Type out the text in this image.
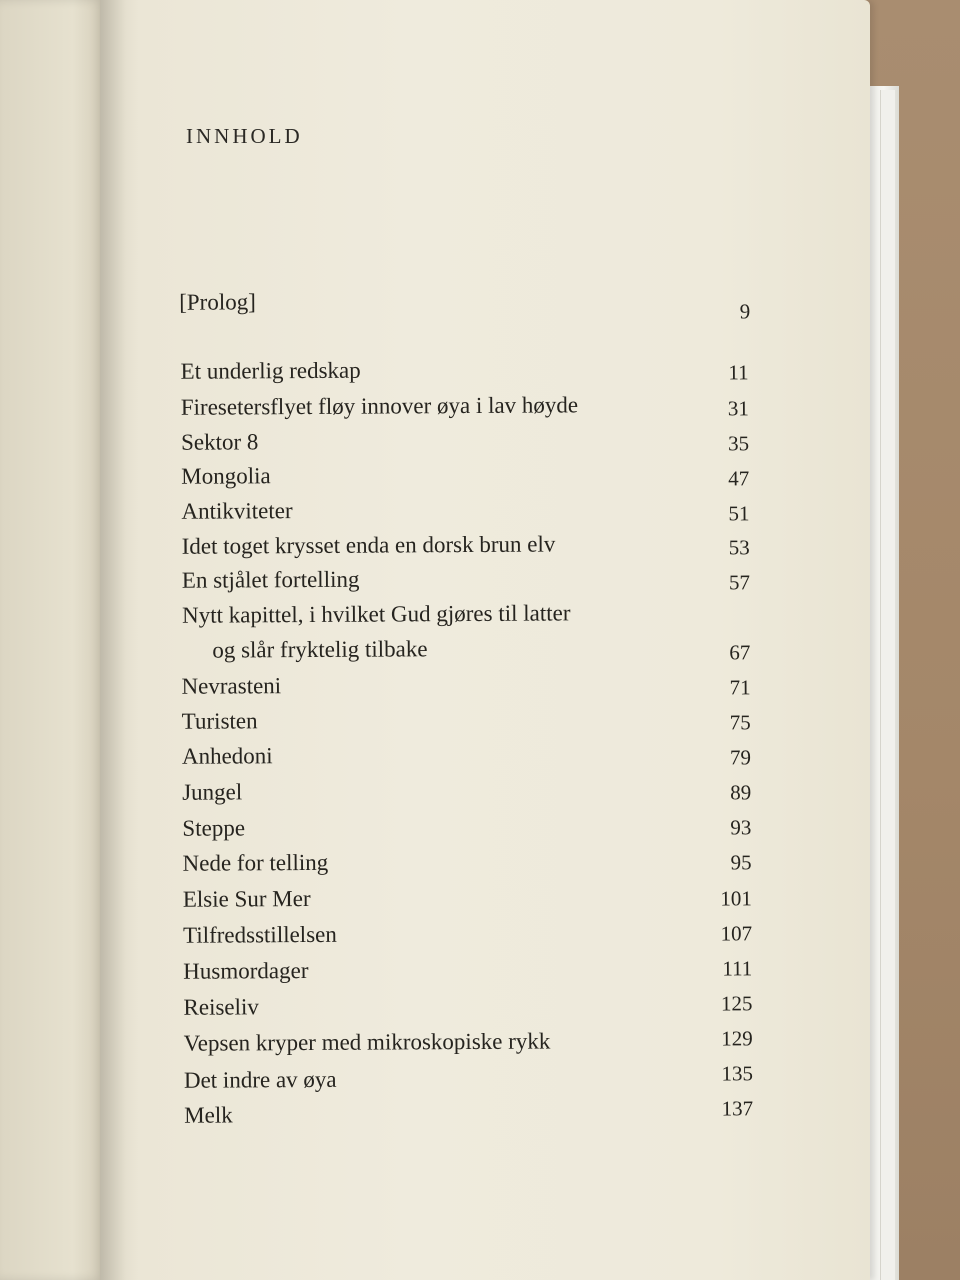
INNHOLD
[Prolog]	9
Et underlig redskap	11
Firesetersflyet fløy innover øya i lav høyde	31
Sektor 8	35
Mongolia	47
Antikviteter	51
Idet toget krysset enda en dorsk brun elv	53
En stjålet fortelling	57
Nytt kapittel, i hvilket Gud gjøres til latter
og slår fryktelig tilbake	67
Nevrasteni	71
Turisten	75
Anhedoni	79
Jungel	89
Steppe	93
Nede for telling	95
Elsie Sur Mer	101
Tilfredsstillelsen	107
Husmordager	111
Reiseliv	125
Vepsen kryper med mikroskopiske rykk	129
Det indre av øya	135
Melk	137
